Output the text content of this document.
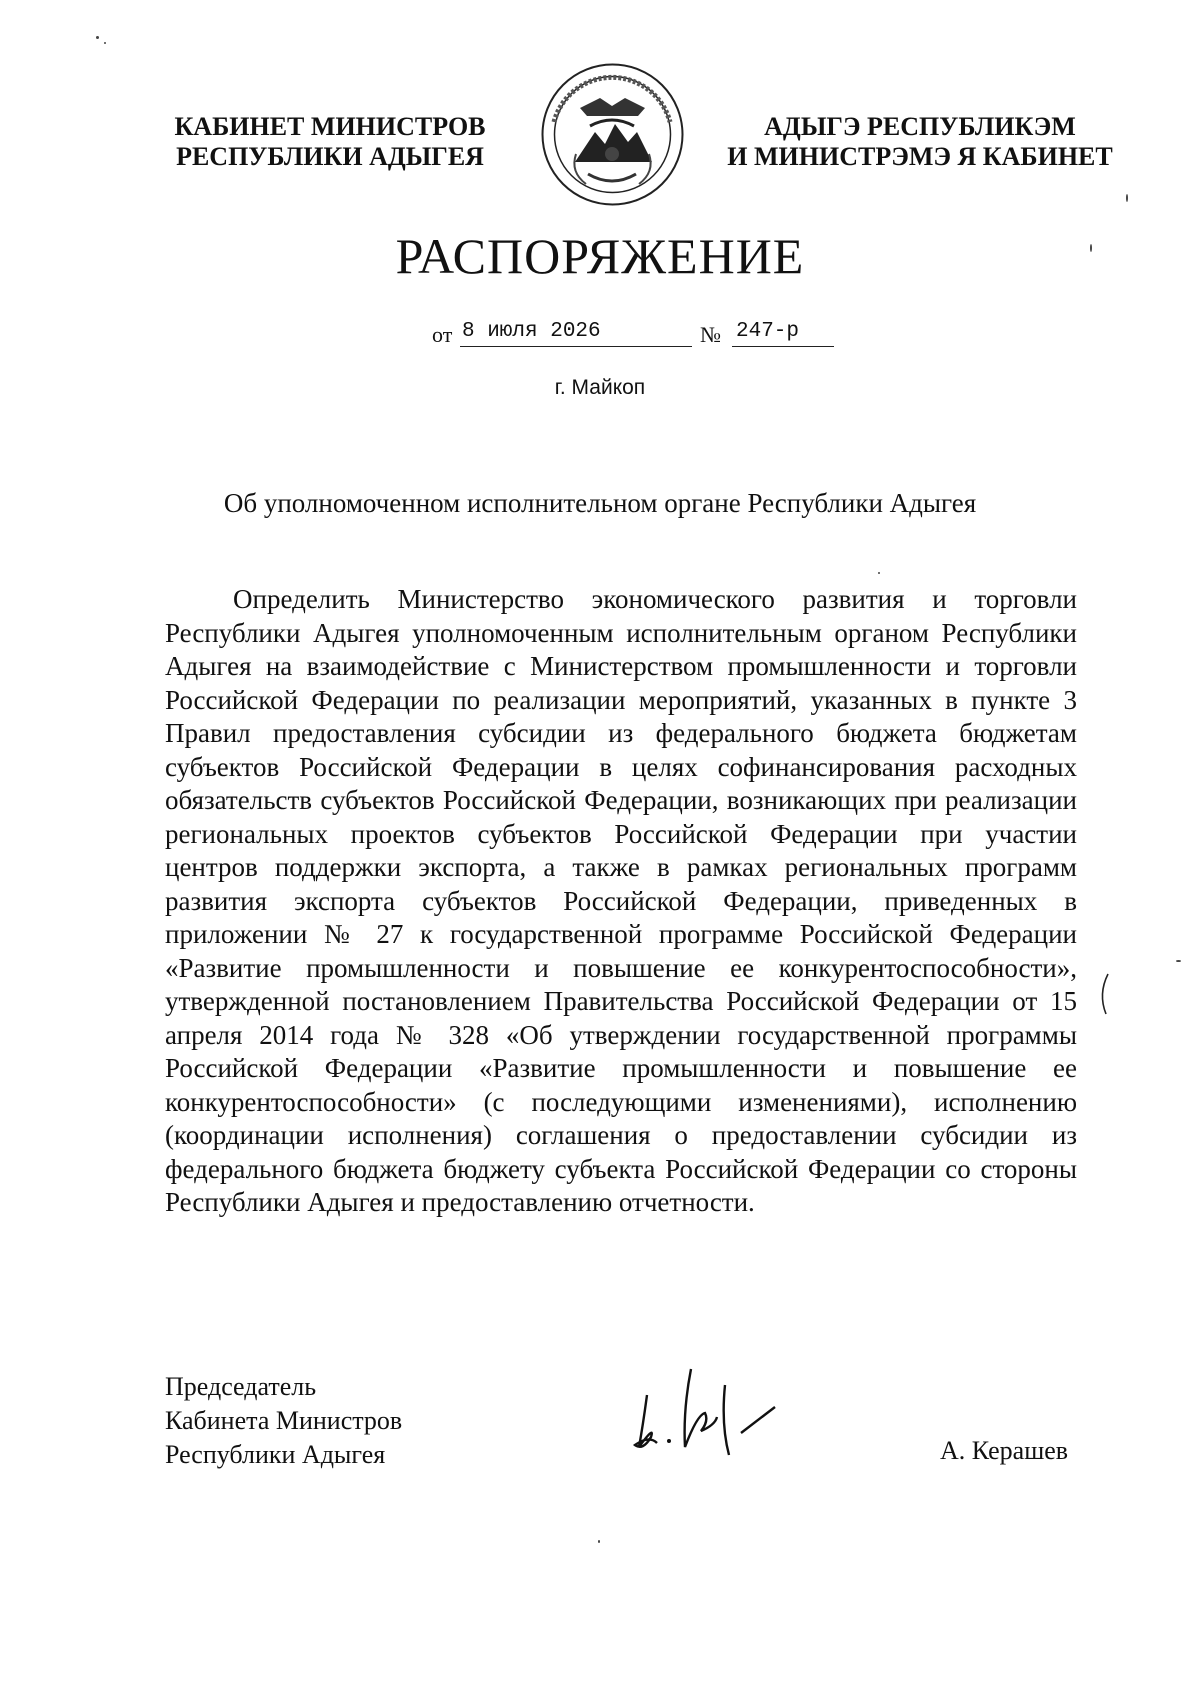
КАБИНЕТ МИНИСТРОВ
РЕСПУБЛИКИ АДЫГЕЯ
АДЫГЭ РЕСПУБЛИКЭМ
И МИНИСТРЭМЭ Я КАБИНЕТ
РАСПОРЯЖЕНИЕ
от 8 июля 2026	№ 247-р
г. Майкоп
Об уполномоченном исполнительном органе Республики Адыгея

Определить Министерство экономического развития и торговли Республики Адыгея уполномоченным исполнительным органом Республики Адыгея на взаимодействие с Министерством промышленности и торговли Российской Федерации по реализации мероприятий, указанных в пункте 3 Правил предоставления субсидии из федерального бюджета бюджетам субъектов Российской Федерации в целях софинансирования расходных обязательств субъектов Российской Федерации, возникающих при реализации региональных проектов субъектов Российской Федерации при участии центров поддержки экспорта, а также в рамках региональных программ развития экспорта субъектов Российской Федерации, приведенных в приложении № 27 к государственной программе Российской Федерации «Развитие промышленности и повышение ее конкурентоспособности», утвержденной постановлением Правительства Российской Федерации от 15 апреля 2014 года № 328 «Об утверждении государственной программы Российской Федерации «Развитие промышленности и повышение ее конкурентоспособности» (с последующими изменениями), исполнению (координации исполнения) соглашения о предоставлении субсидии из федерального бюджета бюджету субъекта Российской Федерации со стороны Республики Адыгея и предоставлению отчетности.

Председатель
Кабинета Министров
Республики Адыгея	А. Керашев
